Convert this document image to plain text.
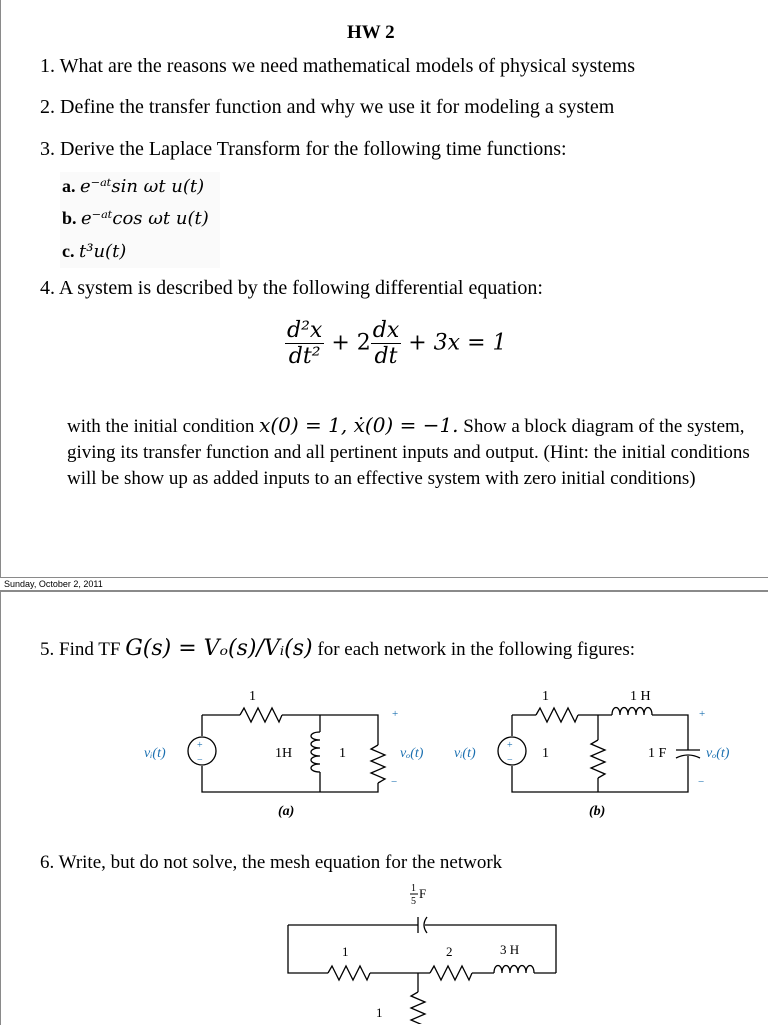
HW 2
1. What are the reasons we need mathematical models of physical systems
2. Define the transfer function and why we use it for modeling a system
3. Derive the Laplace Transform for the following time functions:
a. e⁻ᵃᵗsin ωt u(t)
b. e⁻ᵃᵗcos ωt u(t)
c. t³u(t)
4. A system is described by the following differential equation:
$\frac{\text{d²x}}{\text{dt²}} + 2 \frac{dx}{dt} + 3x = 1$
with the initial condition x(0) = 1, ẋ(0) = −1. Show a block diagram of the system, giving its transfer function and all pertinent inputs and output. (Hint: the initial conditions will be show up as added inputs to an effective system with zero initial conditions)
Sunday, October 2, 2011
5. Find TF G(s) = Vₒ(s)/Vᵢ(s) for each network in the following figures:
+
−
+
−
1
1H	1
vᵢ(t)	vₒ(t)
(a)
+
−
+
−
1	1 H
1	1 F
vᵢ(t)	vₒ(t)
(b)
6. Write, but do not solve, the mesh equation for the network
1
5
F
1	2	3 H
1
